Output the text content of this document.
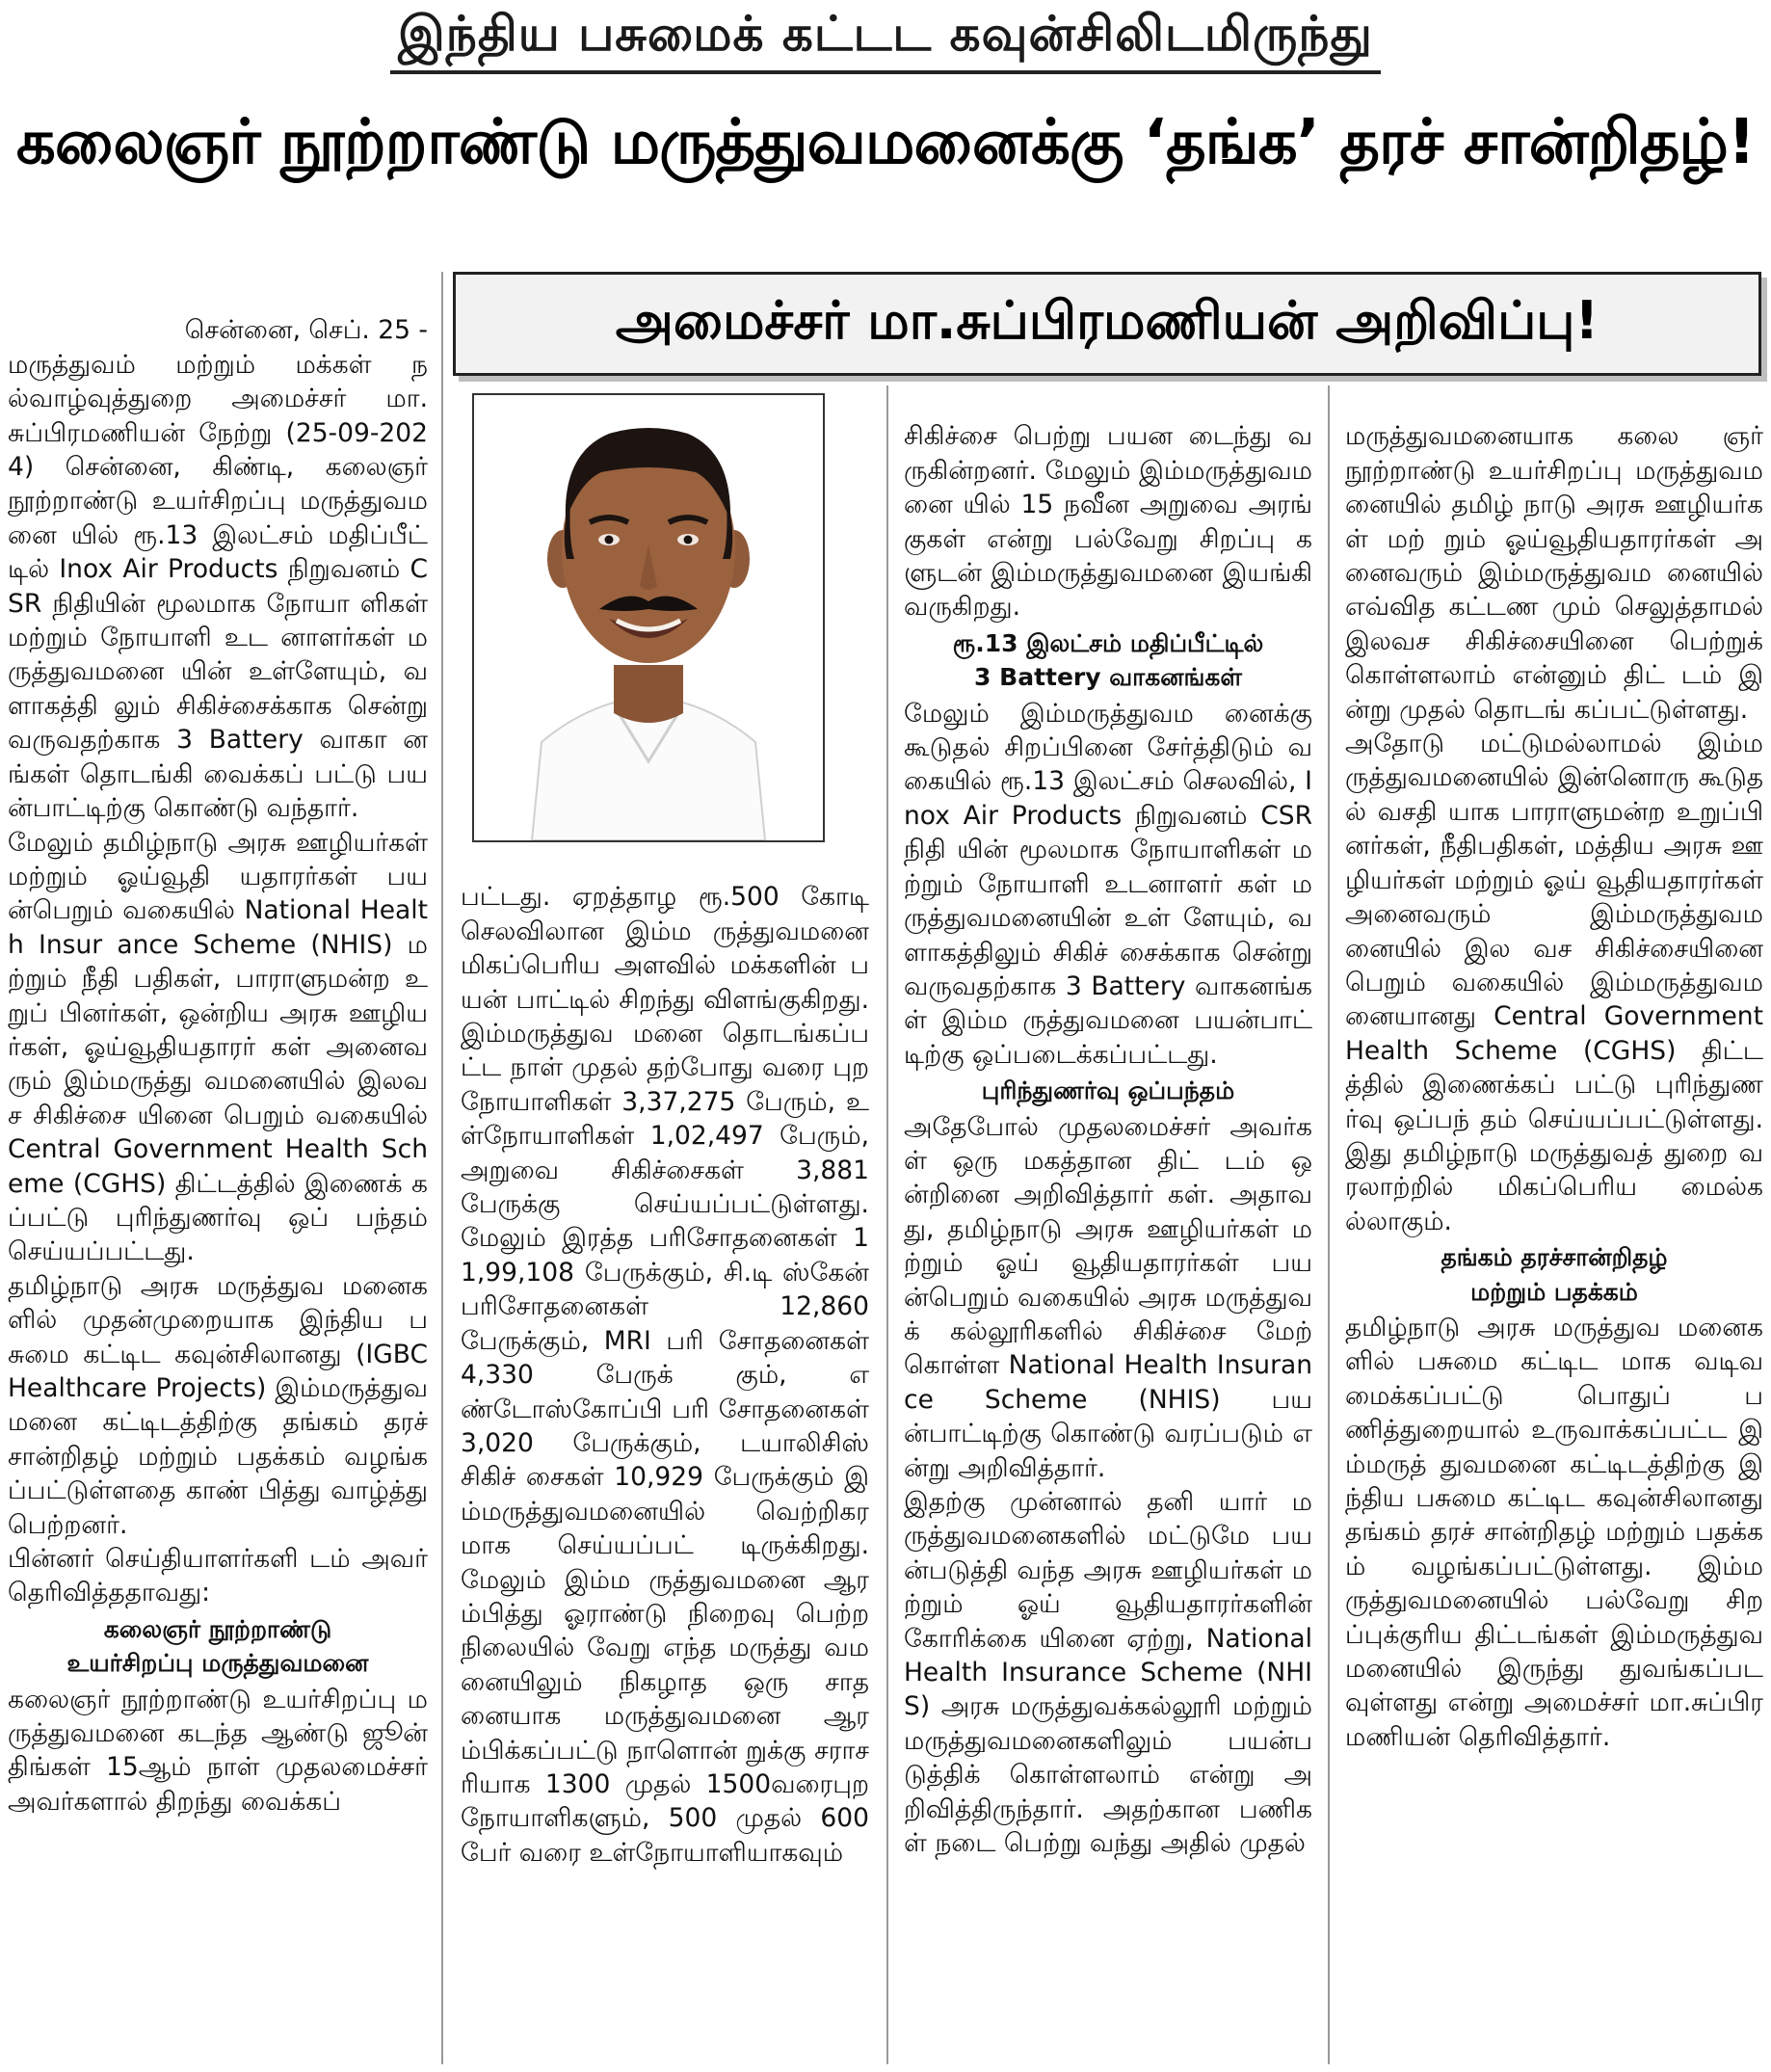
இந்திய பசுமைக் கட்டட கவுன்சிலிடமிருந்து
கலைஞர் நூற்றாண்டு மருத்துவமனைக்கு ‘தங்க’ தரச் சான்றிதழ்!
அமைச்சர் மா.சுப்பிரமணியன் அறிவிப்பு!

சென்னை, செப். 25 -
மருத்துவம் மற்றும் மக்கள் நல்வாழ்வுத்துறை அமைச்சர் மா.சுப்பிரமணியன் நேற்று (25-09-2024) சென்னை, கிண்டி, கலைஞர் நூற்றாண்டு உயர்சிறப்பு மருத்துவமனை யில் ரூ.13 இலட்சம் மதிப்பீட் டில் Inox Air Products நிறுவனம் CSR நிதியின் மூலமாக நோயா ளிகள் மற்றும் நோயாளி உட னாளர்கள் மருத்துவமனை யின் உள்ளேயும், வளாகத்தி லும் சிகிச்சைக்காக சென்று வருவதற்காக 3 Battery வாகா னங்கள் தொடங்கி வைக்கப் பட்டு பயன்பாட்டிற்கு கொண்டு வந்தார்.
மேலும் தமிழ்நாடு அரசு ஊழியர்கள் மற்றும் ஓய்வூதி யதாரர்கள் பயன்பெறும் வகையில் National Health Insur ance Scheme (NHIS) மற்றும் நீதி பதிகள், பாராளுமன்ற உறுப் பினர்கள், ஒன்றிய அரசு ஊழியர்கள், ஓய்வூதியதாரர் கள் அனைவரும் இம்மருத்து வமனையில் இலவச சிகிச்சை யினை பெறும் வகையில் Central Government Health Scheme (CGHS) திட்டத்தில் இணைக் கப்பட்டு புரிந்துணர்வு ஒப் பந்தம் செய்யப்பட்டது.
தமிழ்நாடு அரசு மருத்துவ மனைகளில் முதன்முறையாக இந்திய பசுமை கட்டிட கவுன்சிலானது (IGBCHealthcare Projects) இம்மருத்துவமனை கட்டிடத்திற்கு தங்கம் தரச் சான்றிதழ் மற்றும் பதக்கம் வழங்கப்பட்டுள்ளதை காண் பித்து வாழ்த்து பெற்றனர்.
பின்னர் செய்தியாளர்களி டம் அவர் தெரிவித்ததாவது:
கலைஞர் நூற்றாண்டு
உயர்சிறப்பு மருத்துவமனை
கலைஞர் நூற்றாண்டு உயர்சிறப்பு மருத்துவமனை கடந்த ஆண்டு ஜூன் திங்கள் 15ஆம் நாள் முதலமைச்சர் அவர்களால் திறந்து வைக்கப்

பட்டது. ஏறத்தாழ ரூ.500 கோடி செலவிலான இம்ம ருத்துவமனை மிகப்பெரிய அளவில் மக்களின் பயன் பாட்டில் சிறந்து விளங்குகிறது. இம்மருத்துவ மனை தொடங்கப்பட்ட நாள் முதல் தற்போது வரை புறநோயாளிகள் 3,37,275 பேரும், உள்நோயாளிகள் 1,02,497 பேரும், அறுவை சிகிச்சைகள் 3,881 பேருக்கு செய்யப்பட்டுள்ளது. மேலும் இரத்த பரிசோதனைகள் 11,99,108 பேருக்கும், சி.டி ஸ்கேன் பரிசோதனைகள் 12,860 பேருக்கும், MRI பரி சோதனைகள் 4,330 பேருக் கும், எண்டோஸ்கோப்பி பரி சோதனைகள் 3,020 பேருக்கும், டயாலிசிஸ் சிகிச் சைகள் 10,929 பேருக்கும் இம்மருத்துவமனையில் வெற்றிகரமாக செய்யப்பட் டிருக்கிறது. மேலும் இம்ம ருத்துவமனை ஆரம்பித்து ஓராண்டு நிறைவு பெற்ற நிலையில் வேறு எந்த மருத்து வமனையிலும் நிகழாத ஒரு சாதனையாக மருத்துவமனை ஆரம்பிக்கப்பட்டு நாளொன் றுக்கு சராசரியாக 1300 முதல் 1500வரைபுறநோயாளிகளும், 500 முதல் 600 பேர் வரை உள்நோயாளியாகவும்

சிகிச்சை பெற்று பயன டைந்து வருகின்றனர். மேலும் இம்மருத்துவமனை யில் 15 நவீன அறுவை அரங் குகள் என்று பல்வேறு சிறப்பு களுடன் இம்மருத்துவமனை இயங்கி வருகிறது.
ரூ.13 இலட்சம் மதிப்பீட்டில்
3 Battery வாகனங்கள்
மேலும் இம்மருத்துவம னைக்கு கூடுதல் சிறப்பினை சேர்த்திடும் வகையில் ரூ.13 இலட்சம் செலவில், Inox Air Products நிறுவனம் CSR நிதி யின் மூலமாக நோயாளிகள் மற்றும் நோயாளி உடனாளர் கள் மருத்துவமனையின் உள் ளேயும், வளாகத்திலும் சிகிச் சைக்காக சென்று வருவதற்காக 3 Battery வாகனங்கள் இம்ம ருத்துவமனை பயன்பாட் டிற்கு ஒப்படைக்கப்பட்டது.
புரிந்துணர்வு ஒப்பந்தம்
அதேபோல் முதலமைச்சர் அவர்கள் ஒரு மகத்தான திட் டம் ஒன்றினை அறிவித்தார் கள். அதாவது, தமிழ்நாடு அரசு ஊழியர்கள் மற்றும் ஓய் வூதியதாரர்கள் பயன்பெறும் வகையில் அரசு மருத்துவக் கல்லூரிகளில் சிகிச்சை மேற் கொள்ள National Health Insurance Scheme (NHIS) பயன்பாட்டிற்கு கொண்டு வரப்படும் என்று அறிவித்தார்.
இதற்கு முன்னால் தனி யார் மருத்துவமனைகளில் மட்டுமே பயன்படுத்தி வந்த அரசு ஊழியர்கள் மற்றும் ஓய் வூதியதாரர்களின் கோரிக்கை யினை ஏற்று, National Health Insurance Scheme (NHIS) அரசு மருத்துவக்கல்லூரி மற்றும் மருத்துவமனைகளிலும் பயன்படுத்திக் கொள்ளலாம் என்று அறிவித்திருந்தார். அதற்கான பணிகள் நடை பெற்று வந்து அதில் முதல்

மருத்துவமனையாக கலை ஞர் நூற்றாண்டு உயர்சிறப்பு மருத்துவமனையில் தமிழ் நாடு அரசு ஊழியர்கள் மற் றும் ஓய்வூதியதாரர்கள் அனைவரும் இம்மருத்துவம னையில் எவ்வித கட்டண மும் செலுத்தாமல் இலவச சிகிச்சையினை பெற்றுக் கொள்ளலாம் என்னும் திட் டம் இன்று முதல் தொடங் கப்பட்டுள்ளது.
அதோடு மட்டுமல்லாமல் இம்மருத்துவமனையில் இன்னொரு கூடுதல் வசதி யாக பாராளுமன்ற உறுப்பி னர்கள், நீதிபதிகள், மத்திய அரசு ஊழியர்கள் மற்றும் ஓய் வூதியதாரர்கள் அனைவரும் இம்மருத்துவமனையில் இல வச சிகிச்சையினை பெறும் வகையில் இம்மருத்துவம னையானது Central Government Health Scheme (CGHS) திட்டத்தில் இணைக்கப் பட்டு புரிந்துணர்வு ஒப்பந் தம் செய்யப்பட்டுள்ளது. இது தமிழ்நாடு மருத்துவத் துறை வரலாற்றில் மிகப்பெரிய மைல்கல்லாகும்.
தங்கம் தரச்சான்றிதழ்
மற்றும் பதக்கம்
தமிழ்நாடு அரசு மருத்துவ மனைகளில் பசுமை கட்டிட மாக வடிவமைக்கப்பட்டு பொதுப் பணித்துறையால் உருவாக்கப்பட்ட இம்மருத் துவமனை கட்டிடத்திற்கு இந்திய பசுமை கட்டிட கவுன்சிலானது தங்கம் தரச் சான்றிதழ் மற்றும் பதக்கம் வழங்கப்பட்டுள்ளது. இம்ம ருத்துவமனையில் பல்வேறு சிறப்புக்குரிய திட்டங்கள் இம்மருத்துவ மனையில் இருந்து துவங்கப்படவுள்ளது என்று அமைச்சர் மா.சுப்பிர மணியன் தெரிவித்தார்.
